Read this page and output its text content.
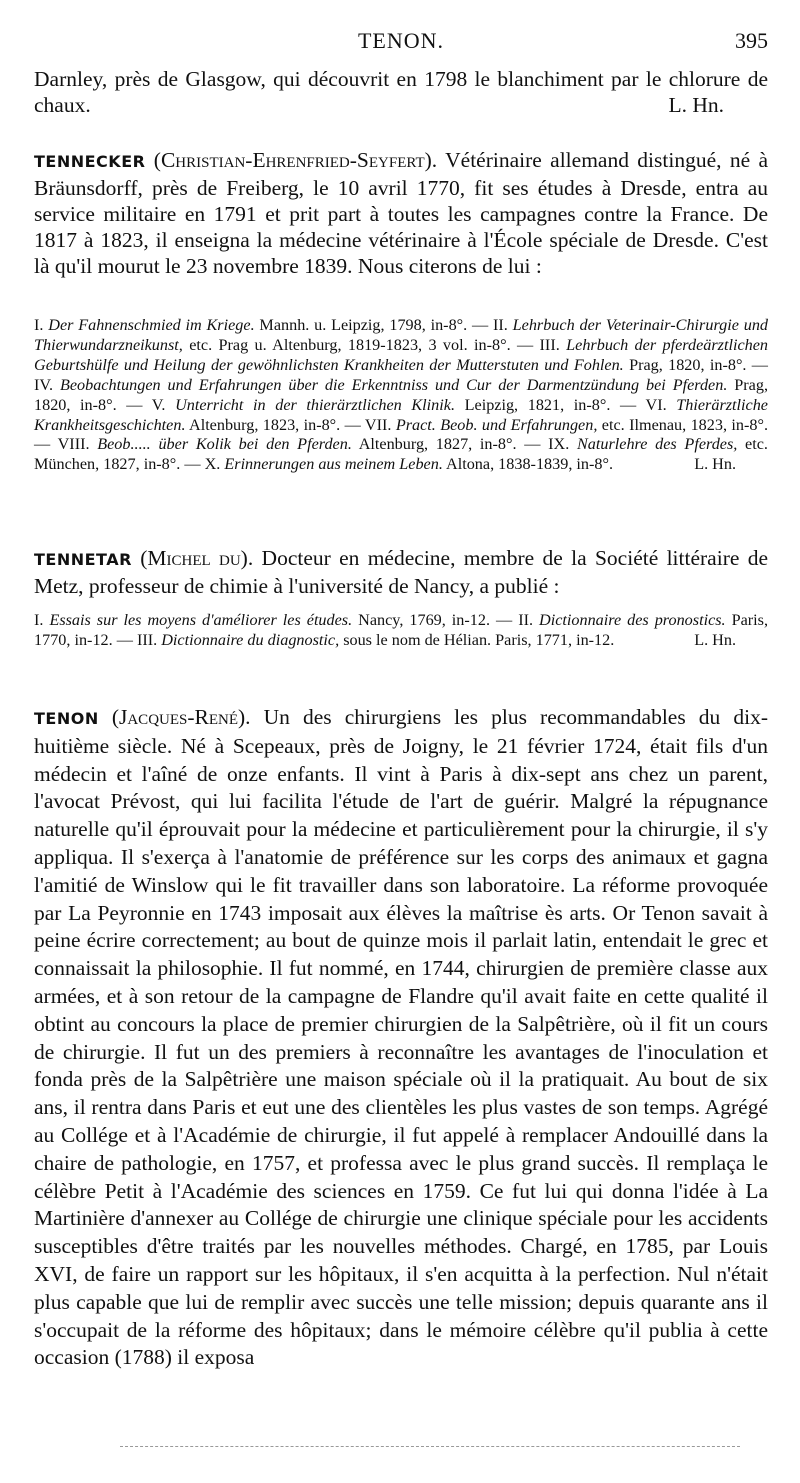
TENON.	395
Darnley, près de Glasgow, qui découvrit en 1798 le blanchiment par le chlorure de chaux.	L. Hn.
TENNECKER (Christian-Ehrenfried-Seyfert). Vétérinaire allemand distingué, né à Bräunsdorff, près de Freiberg, le 10 avril 1770, fit ses études à Dresde, entra au service militaire en 1791 et prit part à toutes les campagnes contre la France. De 1817 à 1823, il enseigna la médecine vétérinaire à l'École spéciale de Dresde. C'est là qu'il mourut le 23 novembre 1839. Nous citerons de lui :
I. Der Fahnenschmied im Kriege. Mannh. u. Leipzig, 1798, in-8°. — II. Lehrbuch der Veterinair-Chirurgie und Thierwundarzneikunst, etc. Prag u. Altenburg, 1819-1823, 3 vol. in-8°. — III. Lehrbuch der pferdeärztlichen Geburtshülfe und Heilung der gewöhnlichsten Krankheiten der Mutterstuten und Fohlen. Prag, 1820, in-8°. — IV. Beobachtungen und Erfahrungen über die Erkenntniss und Cur der Darmentzündung bei Pferden. Prag, 1820, in-8°. — V. Unterricht in der thierärztlichen Klinik. Leipzig, 1821, in-8°. — VI. Thierärztliche Krankheitsgeschichten. Altenburg, 1823, in-8°. — VII. Pract. Beob. und Erfahrungen, etc. Ilmenau, 1823, in-8°. — VIII. Beob..... über Kolik bei den Pferden. Altenburg, 1827, in-8°. — IX. Naturlehre des Pferdes, etc. München, 1827, in-8°. — X. Erinnerungen aus meinem Leben. Altona, 1838-1839, in-8°.	L. Hn.
TENNETAR (Michel du). Docteur en médecine, membre de la Société littéraire de Metz, professeur de chimie à l'université de Nancy, a publié :
I. Essais sur les moyens d'améliorer les études. Nancy, 1769, in-12. — II. Dictionnaire des pronostics. Paris, 1770, in-12. — III. Dictionnaire du diagnostic, sous le nom de Hélian. Paris, 1771, in-12.	L. Hn.
TENON (Jacques-René). Un des chirurgiens les plus recommandables du dix-huitième siècle. Né à Scepeaux, près de Joigny, le 21 février 1724, était fils d'un médecin et l'aîné de onze enfants. Il vint à Paris à dix-sept ans chez un parent, l'avocat Prévost, qui lui facilita l'étude de l'art de guérir. Malgré la répugnance naturelle qu'il éprouvait pour la médecine et particulièrement pour la chirurgie, il s'y appliqua. Il s'exerça à l'anatomie de préférence sur les corps des animaux et gagna l'amitié de Winslow qui le fit travailler dans son laboratoire. La réforme provoquée par La Peyronnie en 1743 imposait aux élèves la maîtrise ès arts. Or Tenon savait à peine écrire correctement; au bout de quinze mois il parlait latin, entendait le grec et connaissait la philosophie. Il fut nommé, en 1744, chirurgien de première classe aux armées, et à son retour de la campagne de Flandre qu'il avait faite en cette qualité il obtint au concours la place de premier chirurgien de la Salpêtrière, où il fit un cours de chirurgie. Il fut un des premiers à reconnaître les avantages de l'inoculation et fonda près de la Salpêtrière une maison spéciale où il la pratiquait. Au bout de six ans, il rentra dans Paris et eut une des clientèles les plus vastes de son temps. Agrégé au Collége et à l'Académie de chirurgie, il fut appelé à remplacer Andouillé dans la chaire de pathologie, en 1757, et professa avec le plus grand succès. Il remplaça le célèbre Petit à l'Académie des sciences en 1759. Ce fut lui qui donna l'idée à La Martinière d'annexer au Collége de chirurgie une clinique spéciale pour les accidents susceptibles d'être traités par les nouvelles méthodes. Chargé, en 1785, par Louis XVI, de faire un rapport sur les hôpitaux, il s'en acquitta à la perfection. Nul n'était plus capable que lui de remplir avec succès une telle mission; depuis quarante ans il s'occupait de la réforme des hôpitaux; dans le mémoire célèbre qu'il publia à cette occasion (1788) il exposa
